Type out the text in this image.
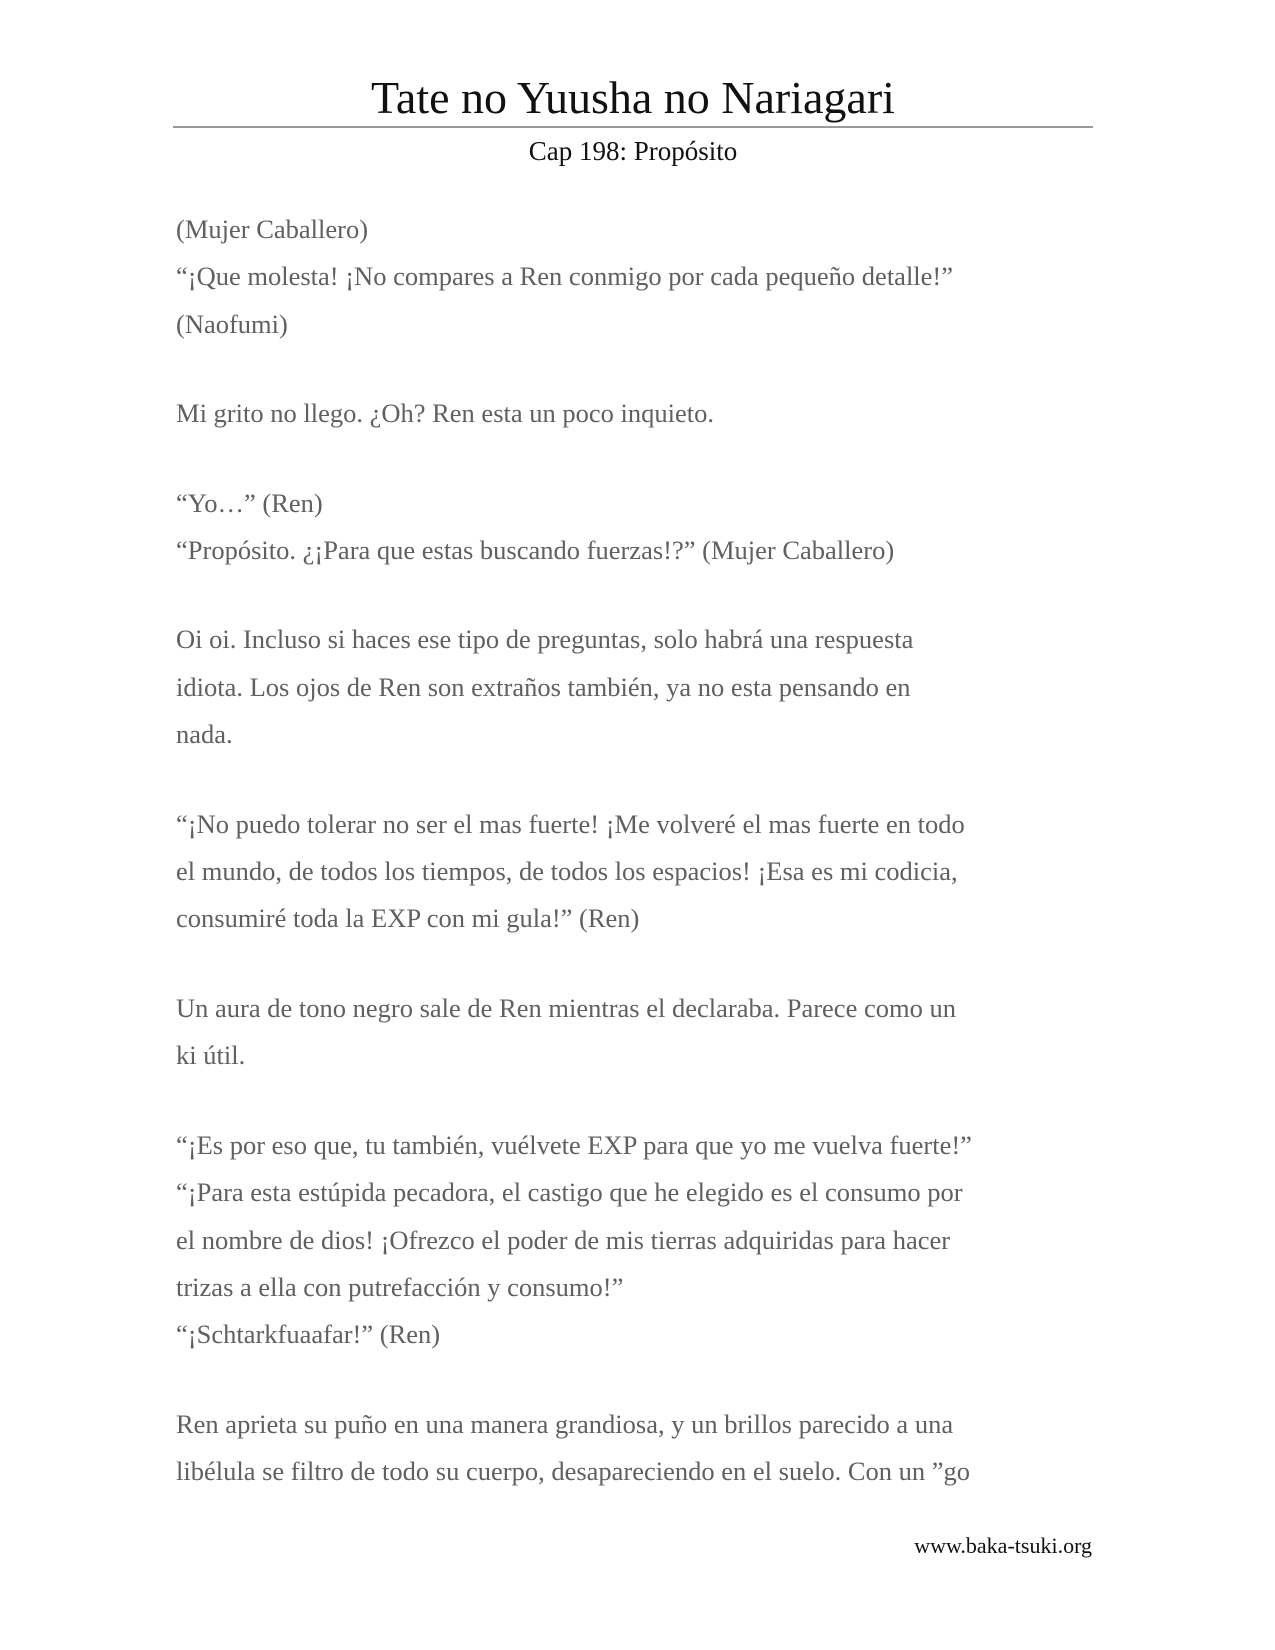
Tate no Yuusha no Nariagari
Cap 198: Propósito

(Mujer Caballero)
“¡Que molesta! ¡No compares a Ren conmigo por cada pequeño detalle!”
(Naofumi)

Mi grito no llego. ¿Oh? Ren esta un poco inquieto.

“Yo…” (Ren)
“Propósito. ¿¡Para que estas buscando fuerzas!?” (Mujer Caballero)

Oi oi. Incluso si haces ese tipo de preguntas, solo habrá una respuesta
idiota. Los ojos de Ren son extraños también, ya no esta pensando en
nada.

“¡No puedo tolerar no ser el mas fuerte! ¡Me volveré el mas fuerte en todo
el mundo, de todos los tiempos, de todos los espacios! ¡Esa es mi codicia,
consumiré toda la EXP con mi gula!” (Ren)

Un aura de tono negro sale de Ren mientras el declaraba. Parece como un
ki útil.

“¡Es por eso que, tu también, vuélvete EXP para que yo me vuelva fuerte!”
“¡Para esta estúpida pecadora, el castigo que he elegido es el consumo por
el nombre de dios! ¡Ofrezco el poder de mis tierras adquiridas para hacer
trizas a ella con putrefacción y consumo!”
“¡Schtarkfuaafar!” (Ren)

Ren aprieta su puño en una manera grandiosa, y un brillos parecido a una
libélula se filtro de todo su cuerpo, desapareciendo en el suelo. Con un ”go

www.baka-tsuki.org
